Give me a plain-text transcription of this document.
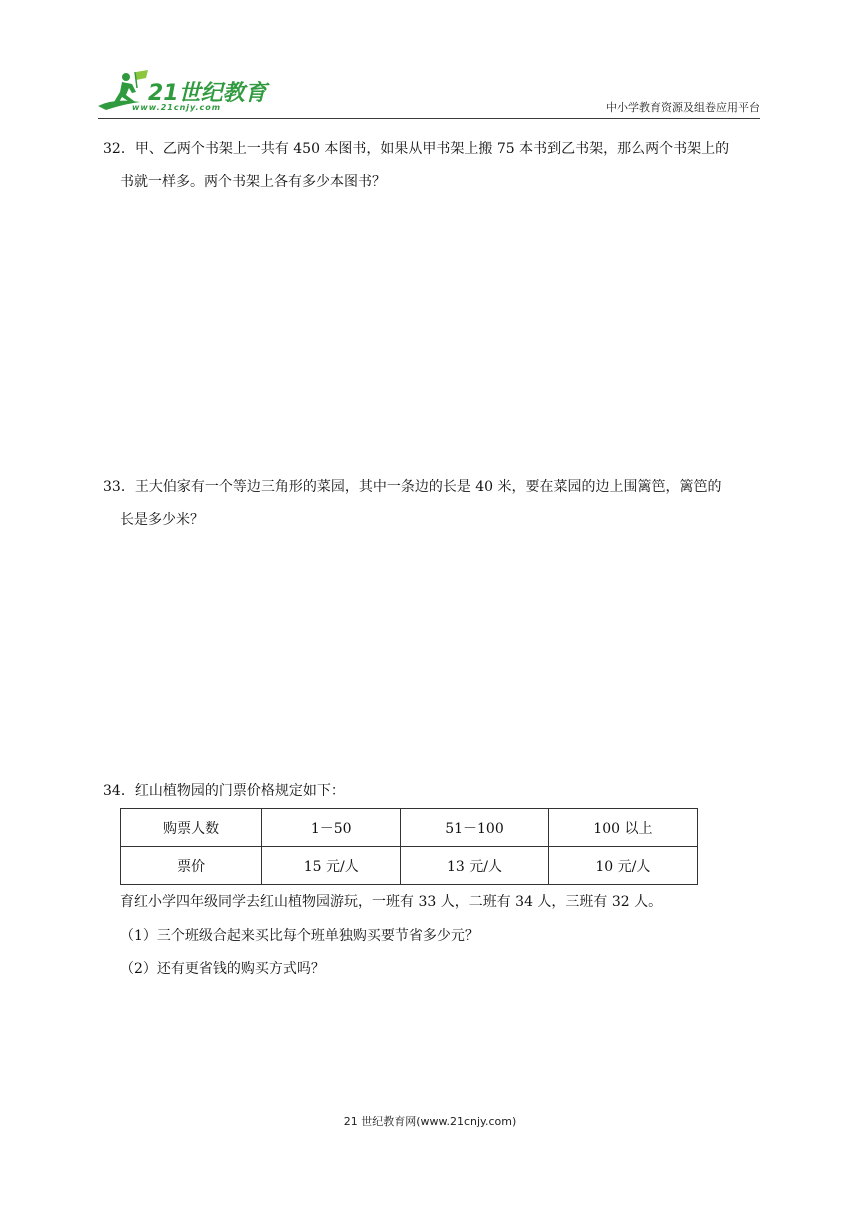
21世纪教育
www.21cnjy.com	中小学教育资源及组卷应用平台
32．甲、乙两个书架上一共有 450 本图书，如果从甲书架上搬 75 本书到乙书架，那么两个书架上的
书就一样多。两个书架上各有多少本图书？
33．王大伯家有一个等边三角形的菜园，其中一条边的长是 40 米，要在菜园的边上围篱笆，篱笆的
长是多少米？
34．红山植物园的门票价格规定如下：
购票人数	1－50	51－100	100 以上
票价	15 元/人	13 元/人	10 元/人
育红小学四年级同学去红山植物园游玩，一班有 33 人，二班有 34 人，三班有 32 人。
（1）三个班级合起来买比每个班单独购买要节省多少元？
（2）还有更省钱的购买方式吗？
21 世纪教育网(www.21cnjy.com)
